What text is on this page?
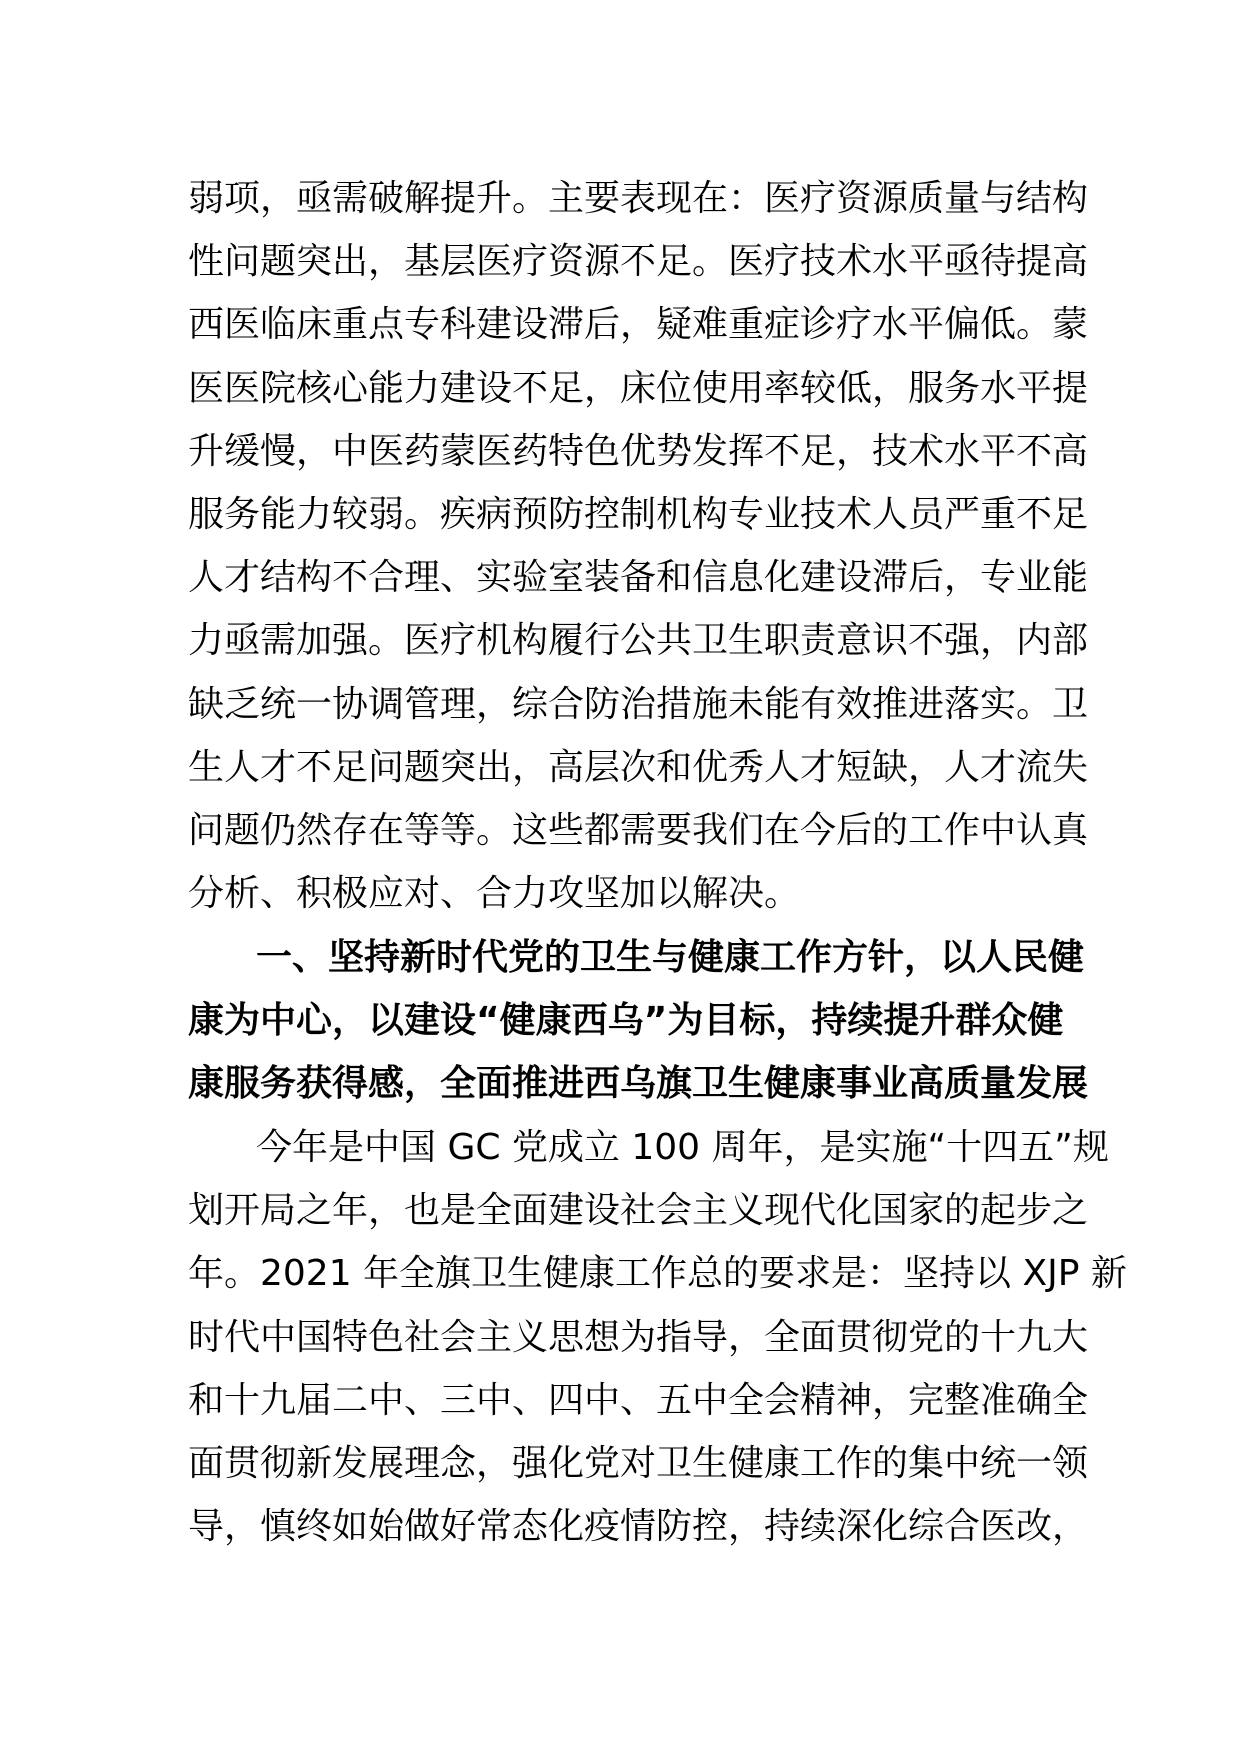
弱项，亟需破解提升。主要表现在：医疗资源质量与结构
性问题突出，基层医疗资源不足。医疗技术水平亟待提高
西医临床重点专科建设滞后，疑难重症诊疗水平偏低。蒙
医医院核心能力建设不足，床位使用率较低，服务水平提
升缓慢，中医药蒙医药特色优势发挥不足，技术水平不高
服务能力较弱。疾病预防控制机构专业技术人员严重不足
人才结构不合理、实验室装备和信息化建设滞后，专业能
力亟需加强。医疗机构履行公共卫生职责意识不强，内部
缺乏统一协调管理，综合防治措施未能有效推进落实。卫
生人才不足问题突出，高层次和优秀人才短缺，人才流失
问题仍然存在等等。这些都需要我们在今后的工作中认真
分析、积极应对、合力攻坚加以解决。
一、坚持新时代党的卫生与健康工作方针，以人民健
康为中心，以建设“健康西乌”为目标，持续提升群众健
康服务获得感，全面推进西乌旗卫生健康事业高质量发展
今年是中国 GC 党成立 100 周年，是实施“十四五”规
划开局之年，也是全面建设社会主义现代化国家的起步之
年。2021 年全旗卫生健康工作总的要求是：坚持以 XJP 新
时代中国特色社会主义思想为指导，全面贯彻党的十九大
和十九届二中、三中、四中、五中全会精神，完整准确全
面贯彻新发展理念，强化党对卫生健康工作的集中统一领
导，慎终如始做好常态化疫情防控，持续深化综合医改，
